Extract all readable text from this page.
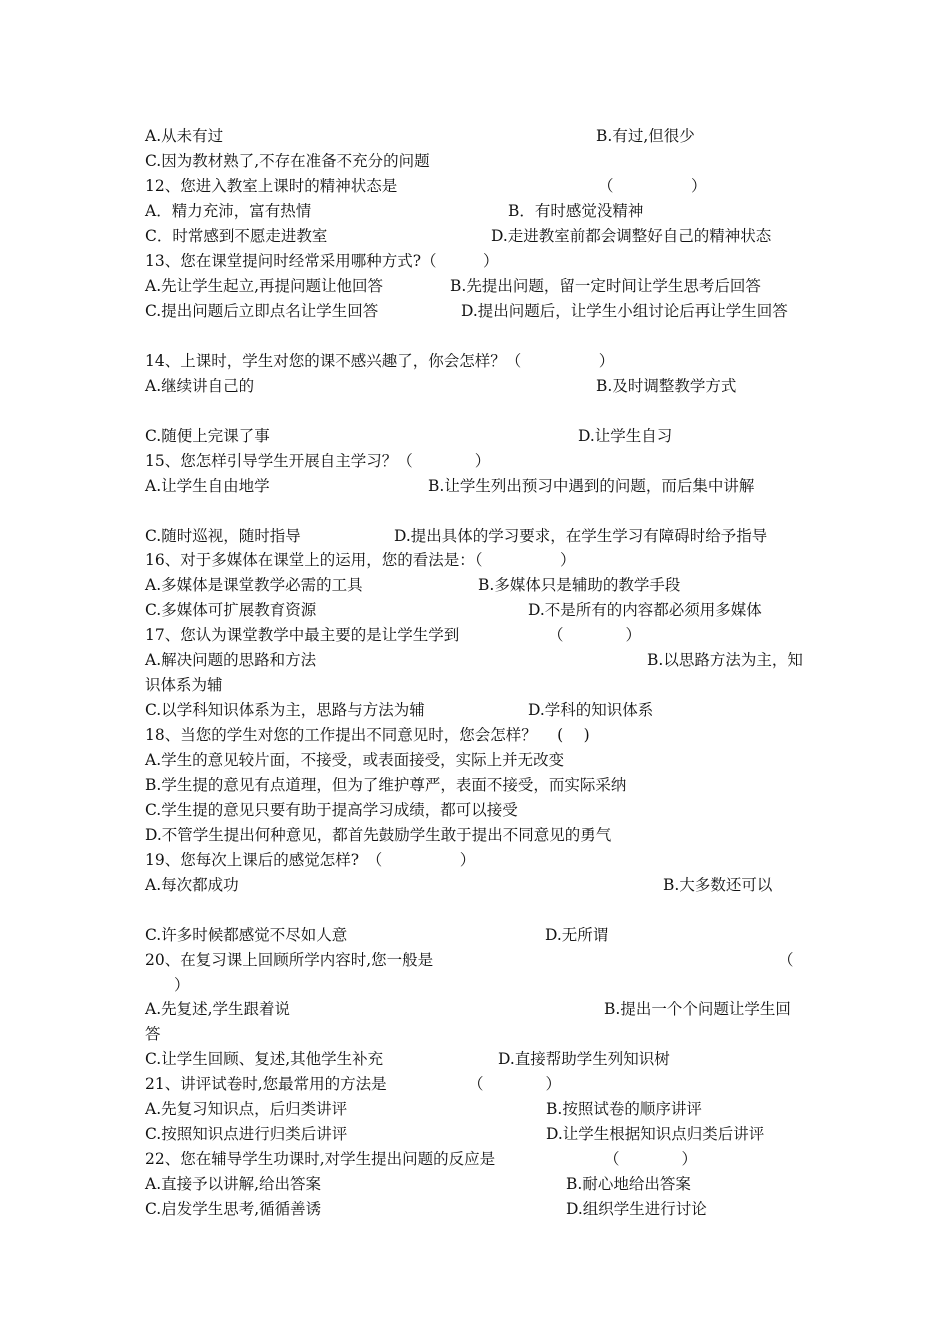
A.从未有过	B.有过,但很少
C.因为教材熟了,不存在准备不充分的问题
12、您进入教室上课时的精神状态是	（　　　　　）
A．精力充沛，富有热情	B．有时感觉没精神
C．时常感到不愿走进教室	D.走进教室前都会调整好自己的精神状态
13、您在课堂提问时经常采用哪种方式?（　　　）
A.先让学生起立,再提问题让他回答	B.先提出问题，留一定时间让学生思考后回答
C.提出问题后立即点名让学生回答	D.提出问题后，让学生小组讨论后再让学生回答
14、上课时，学生对您的课不感兴趣了，你会怎样？（　　　　　）
A.继续讲自己的	B.及时调整教学方式
C.随便上完课了事	D.让学生自习
15、您怎样引导学生开展自主学习？（　　　　）
A.让学生自由地学	B.让学生列出预习中遇到的问题，而后集中讲解
C.随时巡视，随时指导	D.提出具体的学习要求，在学生学习有障碍时给予指导
16、对于多媒体在课堂上的运用，您的看法是：（　　　　　）
A.多媒体是课堂教学必需的工具	B.多媒体只是辅助的教学手段
C.多媒体可扩展教育资源	D.不是所有的内容都必须用多媒体
17、您认为课堂教学中最主要的是让学生学到	（　　　　）
A.解决问题的思路和方法	B.以思路方法为主，知
识体系为辅
C.以学科知识体系为主，思路与方法为辅	D.学科的知识体系
18、当您的学生对您的工作提出不同意见时，您会怎样？　 (　 )
A.学生的意见较片面，不接受，或表面接受，实际上并无改变
B.学生提的意见有点道理，但为了维护尊严，表面不接受，而实际采纳
C.学生提的意见只要有助于提高学习成绩，都可以接受
D.不管学生提出何种意见，都首先鼓励学生敢于提出不同意见的勇气
19、您每次上课后的感觉怎样?　（　　　　　）
A.每次都成功	B.大多数还可以
C.许多时候都感觉不尽如人意	D.无所谓
20、在复习课上回顾所学内容时,您一般是	（
）
A.先复述,学生跟着说	B.提出一个个问题让学生回
答
C.让学生回顾、复述,其他学生补充	D.直接帮助学生列知识树
21、讲评试卷时,您最常用的方法是	（　　　　）
A.先复习知识点，后归类讲评	B.按照试卷的顺序讲评
C.按照知识点进行归类后讲评	D.让学生根据知识点归类后讲评
22、您在辅导学生功课时,对学生提出问题的反应是	（　　　　）
A.直接予以讲解,给出答案	B.耐心地给出答案
C.启发学生思考,循循善诱	D.组织学生进行讨论
